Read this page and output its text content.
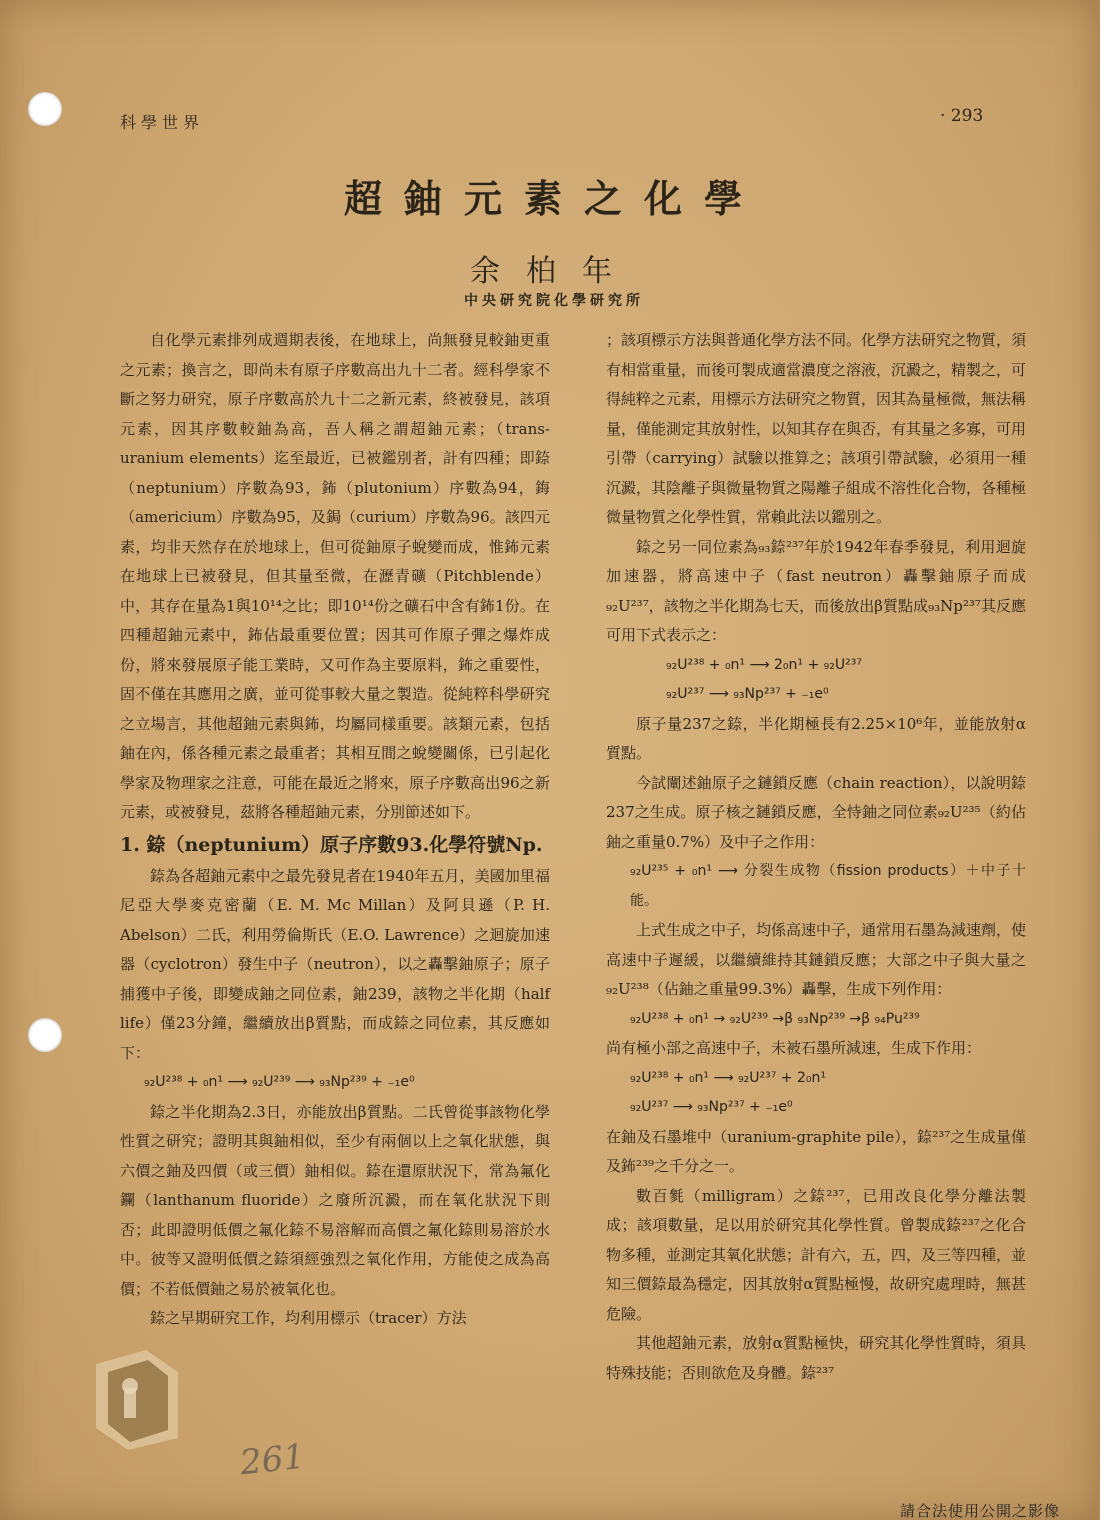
科學世界	· 293
超鈾元素之化學
余柏年
中央研究院化學研究所

自化學元素排列成週期表後，在地球上，尚無發見較鈾更重之元素；換言之，即尚未有原子序數高出九十二者。經科學家不斷之努力研究，原子序數高於九十二之新元素，終被發見，該項元素，因其序數較鈾為高，吾人稱之謂超鈾元素；（trans-uranium elements）迄至最近，已被鑑別者，計有四種；即錼（neptunium）序數為93，鈽（plutonium）序數為94，鋂（americium）序數為95，及鋦（curium）序數為96。該四元素，均非天然存在於地球上，但可從鈾原子蛻變而成，惟鈽元素在地球上已被發見，但其量至微，在瀝青礦（Pitchblende）中，其存在量為1與10¹⁴之比；即10¹⁴份之礦石中含有鈽1份。在四種超鈾元素中，鈽佔最重要位置；因其可作原子彈之爆炸成份，將來發展原子能工業時，又可作為主要原料，鈽之重要性，固不僅在其應用之廣，並可從事較大量之製造。從純粹科學研究之立場言，其他超鈾元素與鈽，均屬同樣重要。該類元素，包括鈾在內，係各種元素之最重者；其相互間之蛻變關係，已引起化學家及物理家之注意，可能在最近之將來，原子序數高出96之新元素，或被發見，茲將各種超鈾元素，分別節述如下。

1. 錼（neptunium）原子序數93.化學符號Np.

錼為各超鈾元素中之最先發見者在1940年五月，美國加里福尼亞大學麥克密蘭（E. M. Mc Millan）及阿貝遜（P. H. Abelson）二氏，利用勞倫斯氏（E.O. Lawrence）之迴旋加速器（cyclotron）發生中子（neutron），以之轟擊鈾原子；原子捕獲中子後，即變成鈾之同位素，鈾239，該物之半化期（half life）僅23分鐘，繼續放出β質點，而成錼之同位素，其反應如下：

₉₂U²³⁸ + ₀n¹ ⟶ ₉₂U²³⁹ ⟶ ₉₃Np²³⁹ + ₋₁e⁰

錼之半化期為2.3日，亦能放出β質點。二氏曾從事該物化學性質之研究；證明其與鈾相似，至少有兩個以上之氧化狀態，與六價之鈾及四價（或三價）鈾相似。錼在還原狀況下，常為氟化鑭（lanthanum fluoride）之廢所沉澱，而在氧化狀況下則否；此即證明低價之氟化錼不易溶解而高價之氟化錼則易溶於水中。彼等又證明低價之錼須經強烈之氧化作用，方能使之成為高價；不若低價鈾之易於被氧化也。

錼之早期研究工作，均利用標示（tracer）方法

；該項標示方法與普通化學方法不同。化學方法研究之物質，須有相當重量，而後可製成適當濃度之溶液，沉澱之，精製之，可得純粹之元素，用標示方法研究之物質，因其為量極微，無法稱量，僅能測定其放射性，以知其存在與否，有其量之多寡，可用引帶（carrying）試驗以推算之；該項引帶試驗，必須用一種沉澱，其陰離子與微量物質之陽離子組成不溶性化合物，各種極微量物質之化學性質，常賴此法以鑑別之。

錼之另一同位素為₉₃錼²³⁷年於1942年春季發見，利用迴旋加速器，將高速中子（fast neutron）轟擊鈾原子而成₉₂U²³⁷，該物之半化期為七天，而後放出β質點成₉₃Np²³⁷其反應可用下式表示之：

₉₂U²³⁸ + ₀n¹ ⟶ 2₀n¹ + ₉₂U²³⁷

₉₂U²³⁷ ⟶ ₉₃Np²³⁷ + ₋₁e⁰

原子量237之錼，半化期極長有2.25×10⁶年，並能放射α質點。

今試闡述鈾原子之鏈鎖反應（chain reaction），以說明錼237之生成。原子核之鏈鎖反應，全恃鈾之同位素₉₂U²³⁵（約佔鈾之重量0.7%）及中子之作用：

₉₂U²³⁵ + ₀n¹ ⟶ 分裂生成物（fission products）＋中子十能。

上式生成之中子，均係高速中子，通常用石墨為減速劑，使高速中子遲緩，以繼續維持其鏈鎖反應；大部之中子與大量之₉₂U²³⁸（佔鈾之重量99.3%）轟擊，生成下列作用：

₉₂U²³⁸ + ₀n¹ → ₉₂U²³⁹ →β ₉₃Np²³⁹ →β ₉₄Pu²³⁹

尚有極小部之高速中子，未被石墨所減速，生成下作用：

₉₂U²³⁸ + ₀n¹ ⟶ ₉₂U²³⁷ + 2₀n¹

₉₂U²³⁷ ⟶ ₉₃Np²³⁷ + ₋₁e⁰

在鈾及石墨堆中（uranium-graphite pile），錼²³⁷之生成量僅及鈽²³⁹之千分之一。

數百毿（milligram）之錼²³⁷，已用改良化學分離法製成；該項數量，足以用於研究其化學性質。曾製成錼²³⁷之化合物多種，並測定其氧化狀態；計有六，五，四，及三等四種，並知三價錼最為穩定，因其放射α質點極慢，故研究處理時，無甚危險。

其他超鈾元素，放射α質點極快，研究其化學性質時，須具特殊技能；否則欲危及身體。錼²³⁷

261
請合法使用公開之影像
